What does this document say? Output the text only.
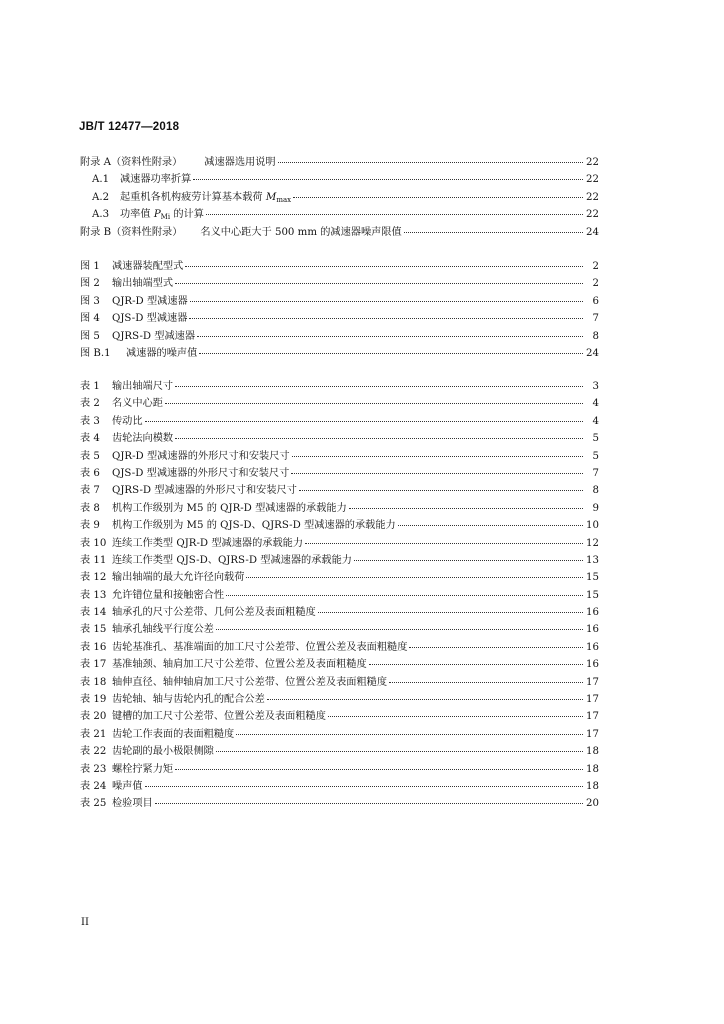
JB/T 12477—2018
附录 A（资料性附录） 减速器选用说明	22
A.1	减速器功率折算	22
A.2	起重机各机构疲劳计算基本载荷 $M_{max}$	22
A.3	功率值 $P_{Mi}$ 的计算	22
附录 B（资料性附录） 名义中心距大于 500 mm 的减速器噪声限值	24
图 1	减速器装配型式	2
图 2	输出轴端型式	2
图 3	QJR-D 型减速器	6
图 4	QJS-D 型减速器	7
图 5	QJRS-D 型减速器	8
图 B.1	减速器的噪声值	24
表 1	输出轴端尺寸	3
表 2	名义中心距	4
表 3	传动比	4
表 4	齿轮法向模数	5
表 5	QJR-D 型减速器的外形尺寸和安装尺寸	5
表 6	QJS-D 型减速器的外形尺寸和安装尺寸	7
表 7	QJRS-D 型减速器的外形尺寸和安装尺寸	8
表 8	机构工作级别为 M5 的 QJR-D 型减速器的承载能力	9
表 9	机构工作级别为 M5 的 QJS-D、QJRS-D 型减速器的承载能力	10
表 10 连续工作类型 QJR-D 型减速器的承载能力	12
表 11 连续工作类型 QJS-D、QJRS-D 型减速器的承载能力	13
表 12 输出轴端的最大允许径向载荷	15
表 13 允许错位量和接触密合性	15
表 14 轴承孔的尺寸公差带、几何公差及表面粗糙度	16
表 15 轴承孔轴线平行度公差	16
表 16 齿轮基准孔、基准端面的加工尺寸公差带、位置公差及表面粗糙度	16
表 17 基准轴颈、轴肩加工尺寸公差带、位置公差及表面粗糙度	16
表 18 轴伸直径、轴伸轴肩加工尺寸公差带、位置公差及表面粗糙度	17
表 19 齿轮轴、轴与齿轮内孔的配合公差	17
表 20 键槽的加工尺寸公差带、位置公差及表面粗糙度	17
表 21 齿轮工作表面的表面粗糙度	17
表 22 齿轮副的最小极限侧隙	18
表 23 螺栓拧紧力矩	18
表 24 噪声值	18
表 25 检验项目	20
II
